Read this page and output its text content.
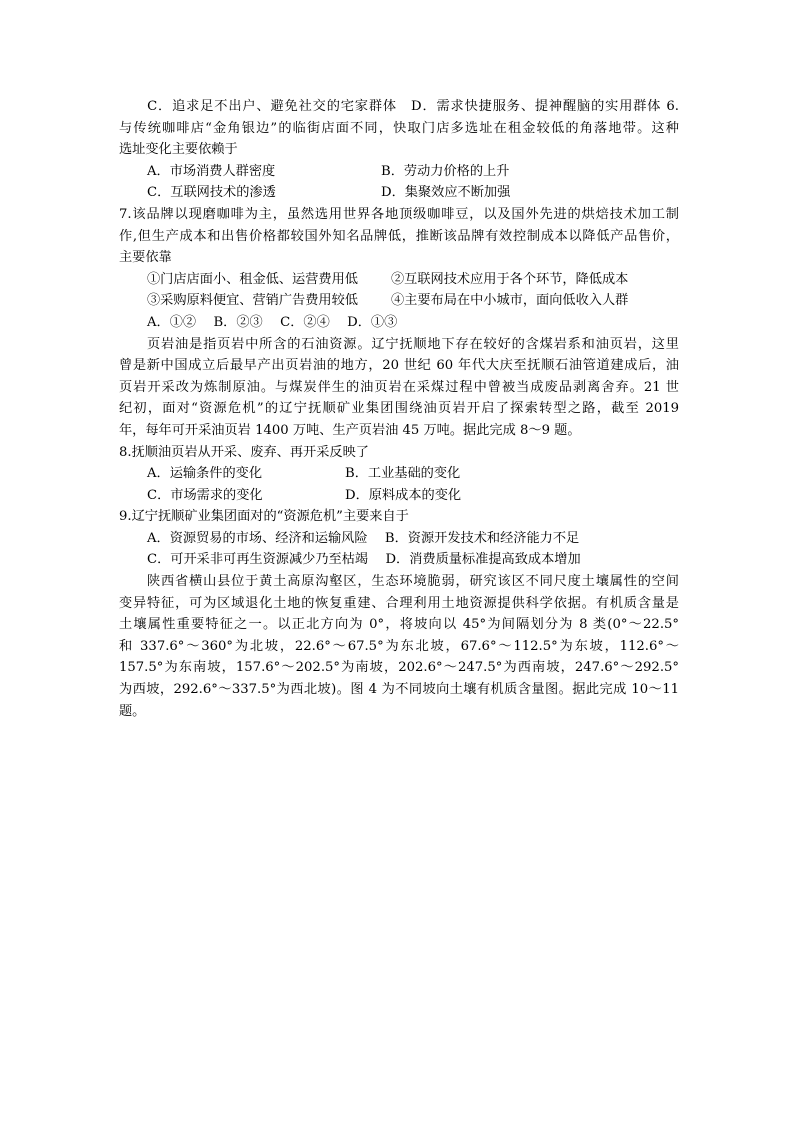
　　C．追求足不出户、避免社交的宅家群体　D．需求快捷服务、提神醒脑的实用群体 6.
与传统咖啡店“金角银边”的临街店面不同，快取门店多选址在租金较低的角落地带。这种
选址变化主要依赖于
A．市场消费人群密度	B．劳动力价格的上升
C．互联网技术的渗透	D．集聚效应不断加强
7.该品牌以现磨咖啡为主，虽然选用世界各地顶级咖啡豆，以及国外先进的烘焙技术加工制
作,但生产成本和出售价格都较国外知名品牌低，推断该品牌有效控制成本以降低产品售价，
主要依靠
①门店店面小、租金低、运营费用低	②互联网技术应用于各个环节，降低成本
③采购原料便宜、营销广告费用较低	④主要布局在中小城市，面向低收入人群
A．①②　 B．②③　 C．②④　 D．①③
页岩油是指页岩中所含的石油资源。辽宁抚顺地下存在较好的含煤岩系和油页岩，这里
曾是新中国成立后最早产出页岩油的地方，20 世纪 60 年代大庆至抚顺石油管道建成后，油
页岩开采改为炼制原油。与煤炭伴生的油页岩在采煤过程中曾被当成废品剥离舍弃。21 世
纪初，面对“资源危机”的辽宁抚顺矿业集团围绕油页岩开启了探索转型之路，截至 2019
年，每年可开采油页岩 1400 万吨、生产页岩油 45 万吨。据此完成 8～9 题。
8.抚顺油页岩从开采、废弃、再开采反映了
A．运输条件的变化	B．工业基础的变化
C．市场需求的变化	D．原料成本的变化
9.辽宁抚顺矿业集团面对的“资源危机”主要来自于
A．资源贸易的市场、经济和运输风险　 B．资源开发技术和经济能力不足
C．可开采非可再生资源减少乃至枯竭　 D．消费质量标准提高致成本增加
陕西省横山县位于黄土高原沟壑区，生态环境脆弱，研究该区不同尺度土壤属性的空间
变异特征，可为区域退化土地的恢复重建、合理利用土地资源提供科学依据。有机质含量是
土壤属性重要特征之一。以正北方向为 0°，将坡向以 45°为间隔划分为 8 类(0°～22.5°
和 337.6°～360°为北坡，22.6°～67.5°为东北坡，67.6°～112.5°为东坡，112.6°～
157.5°为东南坡，157.6°～202.5°为南坡，202.6°～247.5°为西南坡，247.6°～292.5°
为西坡，292.6°～337.5°为西北坡)。图 4 为不同坡向土壤有机质含量图。据此完成 10～11
题。
